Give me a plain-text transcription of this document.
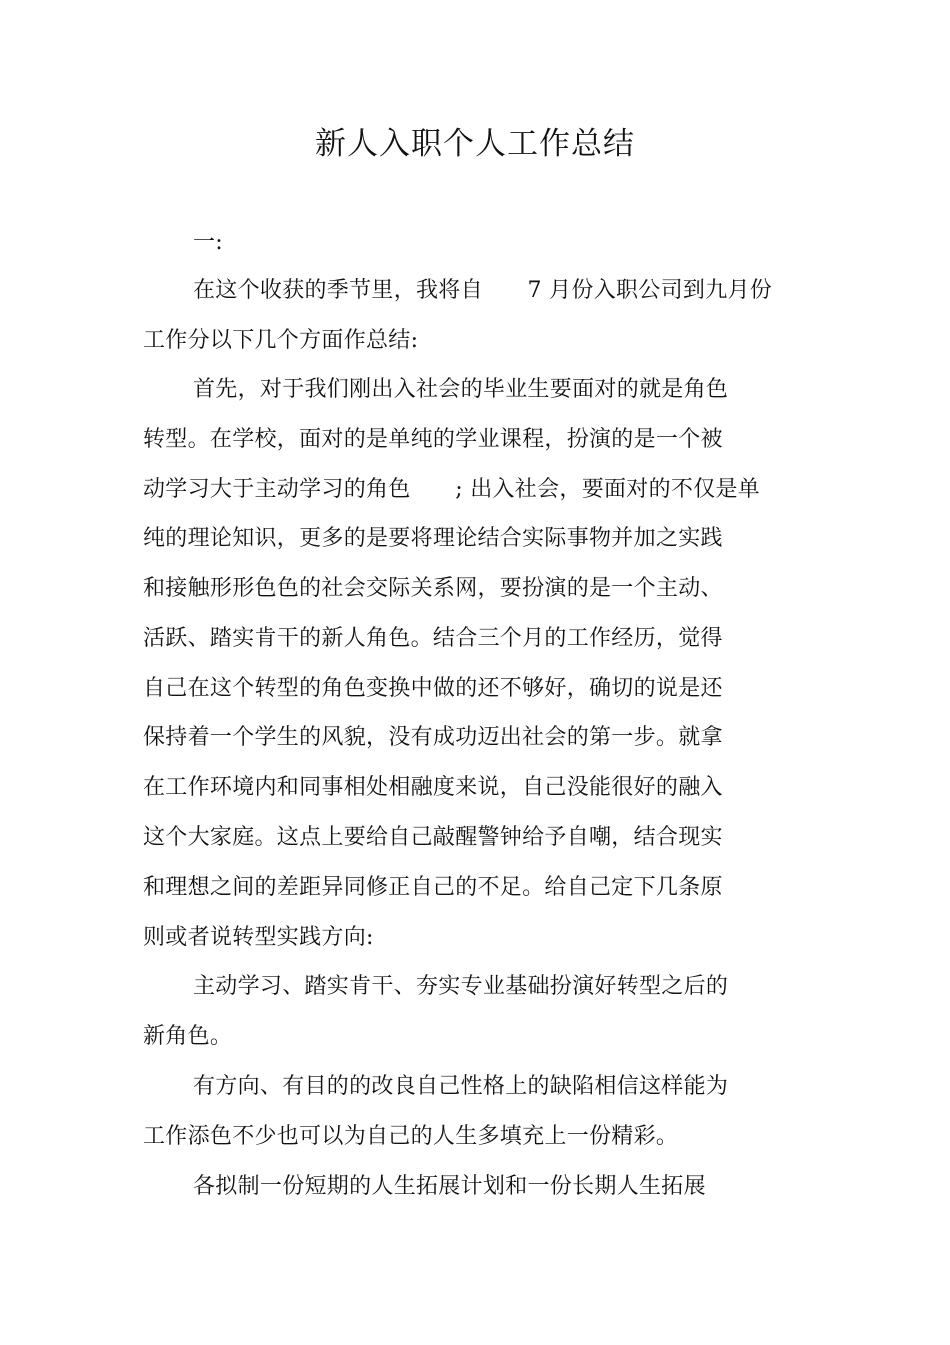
新人入职个人工作总结
一:
在这个收获的季节里，我将自　　7 月份入职公司到九月份
工作分以下几个方面作总结:
首先，对于我们刚出入社会的毕业生要面对的就是角色
转型。在学校，面对的是单纯的学业课程，扮演的是一个被
动学习大于主动学习的角色　　; 出入社会，要面对的不仅是单
纯的理论知识，更多的是要将理论结合实际事物并加之实践
和接触形形色色的社会交际关系网，要扮演的是一个主动、
活跃、踏实肯干的新人角色。结合三个月的工作经历，觉得
自己在这个转型的角色变换中做的还不够好，确切的说是还
保持着一个学生的风貌，没有成功迈出社会的第一步。就拿
在工作环境内和同事相处相融度来说，自己没能很好的融入
这个大家庭。这点上要给自己敲醒警钟给予自嘲，结合现实
和理想之间的差距异同修正自己的不足。给自己定下几条原
则或者说转型实践方向:
主动学习、踏实肯干、夯实专业基础扮演好转型之后的
新角色。
有方向、有目的的改良自己性格上的缺陷相信这样能为
工作添色不少也可以为自己的人生多填充上一份精彩。
各拟制一份短期的人生拓展计划和一份长期人生拓展
